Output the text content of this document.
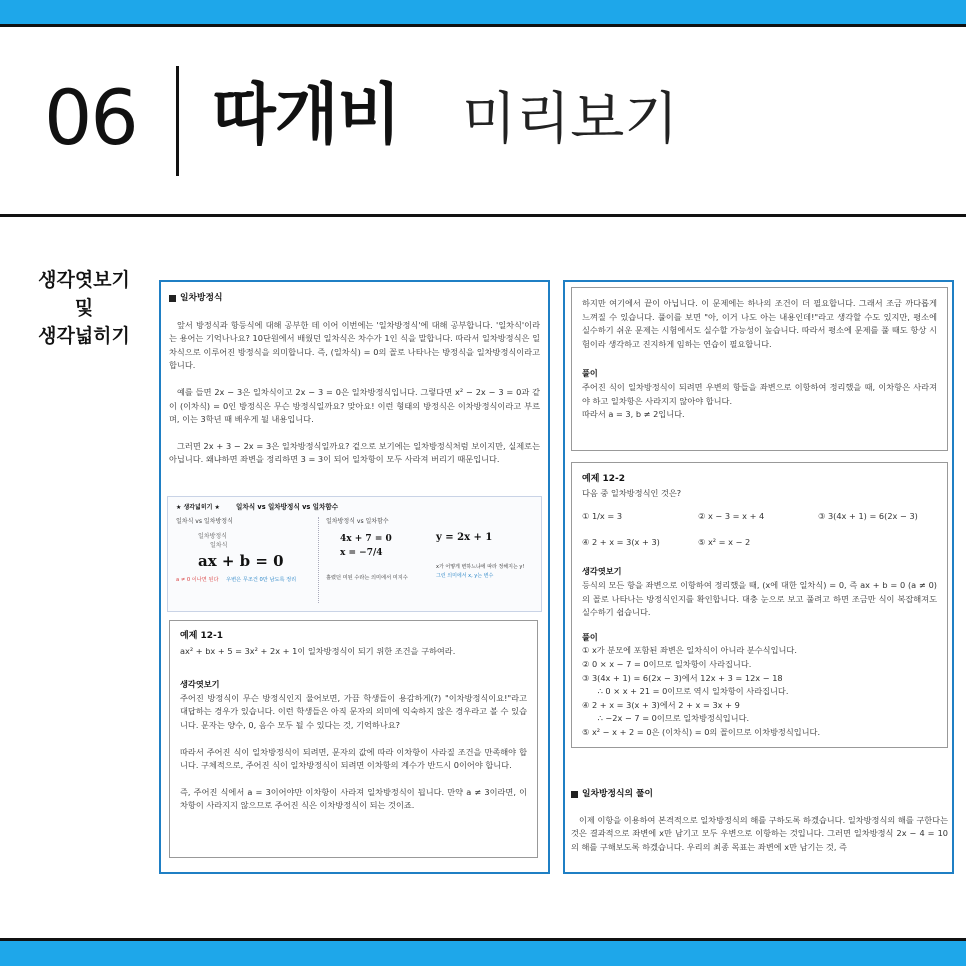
06 따개비 미리보기
생각엿보기
및
생각넓히기
일차방정식

앞서 방정식과 항등식에 대해 공부한 데 이어 이번에는 '일차방정식'에 대해 공부합니다. '일차식'이라는 용어는 기억나나요? 10단원에서 배웠던 일차식은 차수가 1인 식을 말합니다. 따라서 일차방정식은 일차식으로 이루어진 방정식을 의미합니다. 즉, (일차식) = 0의 꼴로 나타나는 방정식을 일차방정식이라고 합니다.

예를 들면 2x − 3은 일차식이고 2x − 3 = 0은 일차방정식입니다. 그렇다면 x² − 2x − 3 = 0과 같이 (이차식) = 0인 방정식은 무슨 방정식일까요? 맞아요! 이런 형태의 방정식은 이차방정식이라고 부르며, 이는 3학년 때 배우게 될 내용입니다.

그러면 2x + 3 − 2x = 3은 일차방정식일까요? 겉으로 보기에는 일차방정식처럼 보이지만, 실제로는 아닙니다. 왜냐하면 좌변을 정리하면 3 = 3이 되어 일차항이 모두 사라져 버리기 때문입니다.

★ 생각넓히기 ★ 일차식 vs 일차방정식 vs 일차함수
일차식 vs 일차방정식
일차방정식
일차식
ax + b = 0
a ≠ 0 이나면 된다 우변은 무조건 0만 남도록 정리
일차방정식 vs 일차함수
4x + 7 = 0
x = −7/4
흘렸던 미된 수라는 의미에서 미지수
y = 2x + 1
x가 어떻게 변하느냐에 따라 정해지는 y!
그런 의미에서 x, y는 변수
예제 12-1
ax² + bx + 5 = 3x² + 2x + 1이 일차방정식이 되기 위한 조건을 구하여라.
생각엿보기

주어진 방정식이 무슨 방정식인지 물어보면, 가끔 학생들이 용감하게(?) "이차방정식이요!"라고 대답하는 경우가 있습니다. 이런 학생들은 아직 문자의 의미에 익숙하지 않은 경우라고 볼 수 있습니다. 문자는 양수, 0, 음수 모두 될 수 있다는 것, 기억하나요?

따라서 주어진 식이 일차방정식이 되려면, 문자의 값에 따라 이차항이 사라질 조건을 만족해야 합니다. 구체적으로, 주어진 식이 일차방정식이 되려면 이차항의 계수가 반드시 0이어야 합니다.

즉, 주어진 식에서 a = 3이어야만 이차항이 사라져 일차방정식이 됩니다. 만약 a ≠ 3이라면, 이차항이 사라지지 않으므로 주어진 식은 이차방정식이 되는 것이죠.

하지만 여기에서 끝이 아닙니다. 이 문제에는 하나의 조건이 더 필요합니다. 그래서 조금 까다롭게 느껴질 수 있습니다. 풀이를 보면 "아, 이거 나도 아는 내용인데!"라고 생각할 수도 있지만, 평소에 실수하기 쉬운 문제는 시험에서도 실수할 가능성이 높습니다. 따라서 평소에 문제를 풀 때도 항상 시험이라 생각하고 진지하게 임하는 연습이 필요합니다.

풀이

주어진 식이 일차방정식이 되려면 우변의 항들을 좌변으로 이항하여 정리했을 때, 이차항은 사라져야 하고 일차항은 사라지지 않아야 합니다.

따라서 a = 3, b ≠ 2입니다.

예제 12-2
다음 중 일차방정식인 것은?
① 1/x = 3	② x − 3 = x + 4	③ 3(4x + 1) = 6(2x − 3)
④ 2 + x = 3(x + 3)	⑤ x² = x − 2
생각엿보기

등식의 모든 항을 좌변으로 이항하여 정리했을 때, (x에 대한 일차식) = 0, 즉 ax + b = 0 (a ≠ 0)의 꼴로 나타나는 방정식인지를 확인합니다. 대충 눈으로 보고 풀려고 하면 조금만 식이 복잡해져도 실수하기 쉽습니다.

풀이
① x가 분모에 포함된 좌변은 일차식이 아니라 분수식입니다.
② 0 × x − 7 = 0이므로 일차항이 사라집니다.
③ 3(4x + 1) = 6(2x − 3)에서 12x + 3 = 12x − 18
∴ 0 × x + 21 = 0이므로 역시 일차항이 사라집니다.
④ 2 + x = 3(x + 3)에서 2 + x = 3x + 9
∴ −2x − 7 = 0이므로 일차방정식입니다.
⑤ x² − x + 2 = 0은 (이차식) = 0의 꼴이므로 이차방정식입니다.
일차방정식의 풀이

이제 이항을 이용하여 본격적으로 일차방정식의 해를 구하도록 하겠습니다. 일차방정식의 해를 구한다는 것은 결과적으로 좌변에 x만 남기고 모두 우변으로 이항하는 것입니다. 그러면 일차방정식 2x − 4 = 10의 해를 구해보도록 하겠습니다. 우리의 최종 목표는 좌변에 x만 남기는 것, 즉
